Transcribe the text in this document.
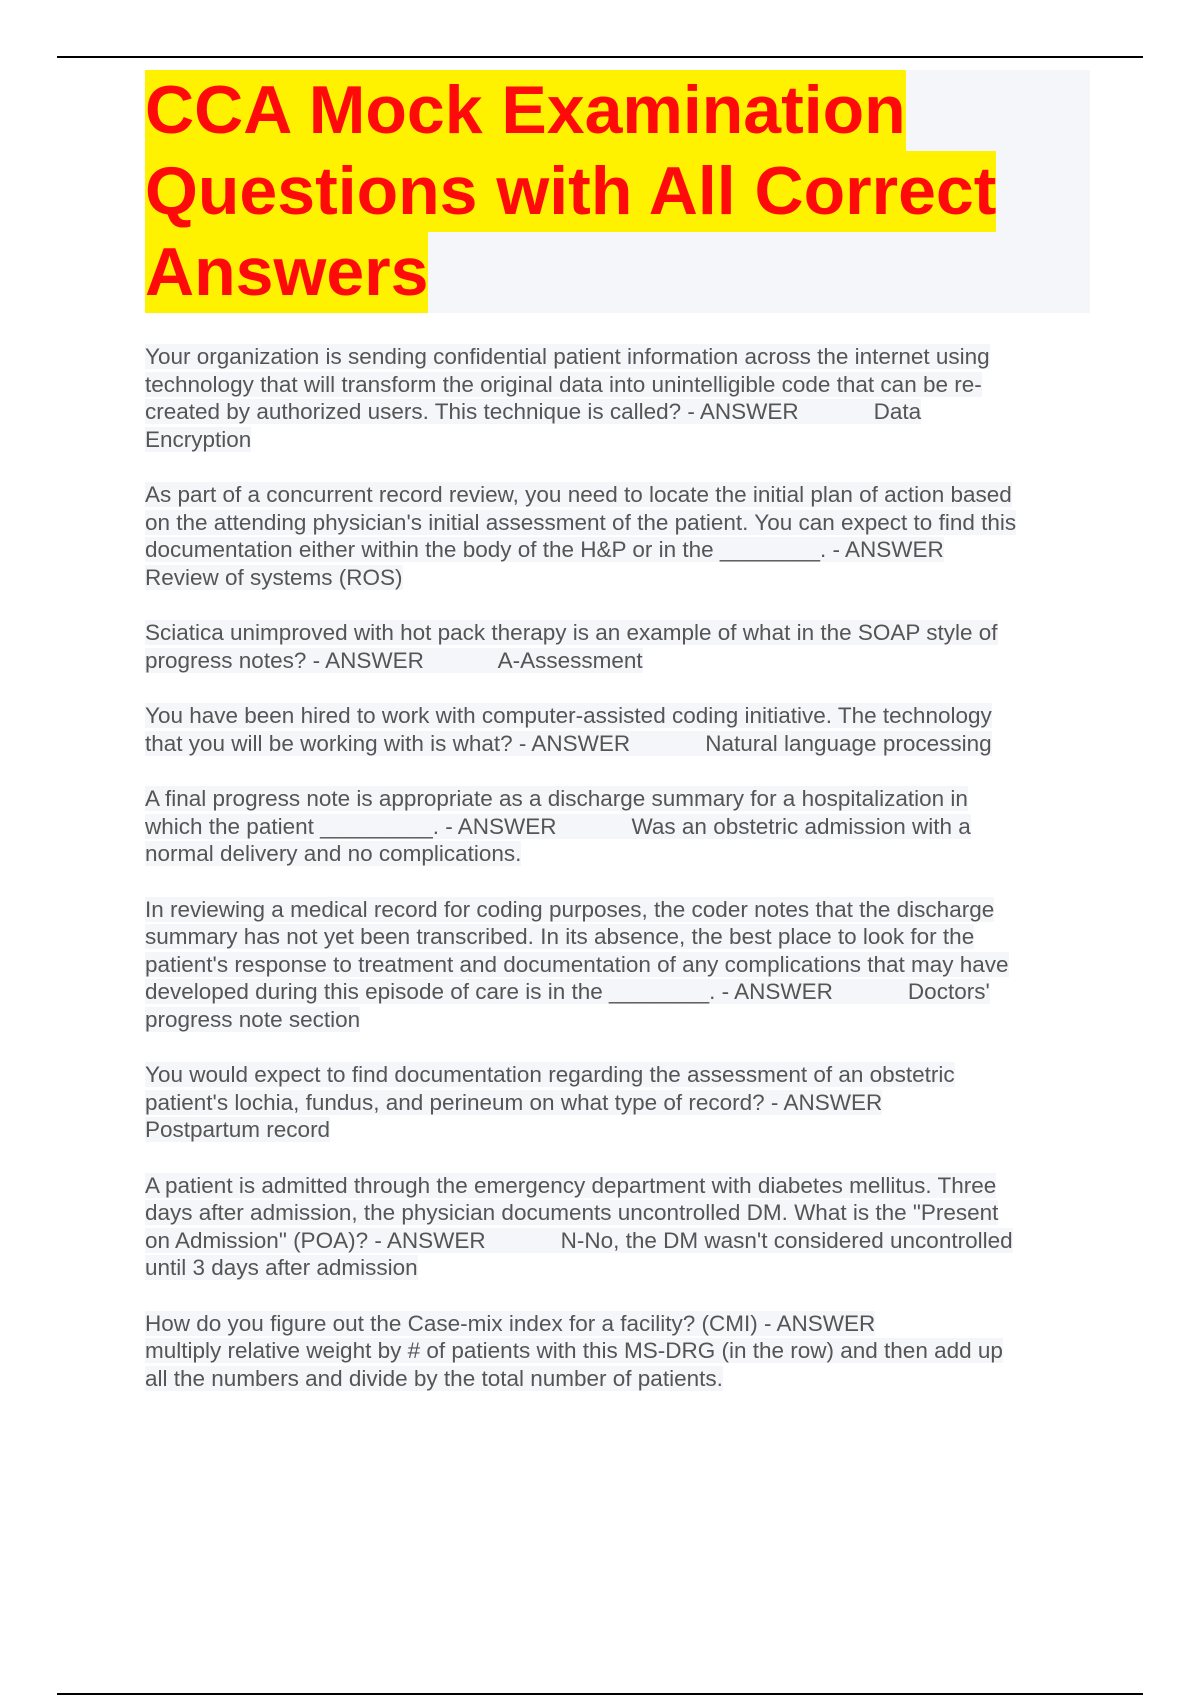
CCA Mock Examination
Questions with All Correct
Answers
Your organization is sending confidential patient information across the internet using
technology that will transform the original data into unintelligible code that can be re-
created by authorized users. This technique is called? - ANSWER            Data
Encryption
As part of a concurrent record review, you need to locate the initial plan of action based
on the attending physician's initial assessment of the patient. You can expect to find this
documentation either within the body of the H&P or in the ________. - ANSWER
Review of systems (ROS)
Sciatica unimproved with hot pack therapy is an example of what in the SOAP style of
progress notes? - ANSWER            A-Assessment
You have been hired to work with computer-assisted coding initiative. The technology
that you will be working with is what? - ANSWER            Natural language processing
A final progress note is appropriate as a discharge summary for a hospitalization in
which the patient _________. - ANSWER            Was an obstetric admission with a
normal delivery and no complications.
In reviewing a medical record for coding purposes, the coder notes that the discharge
summary has not yet been transcribed. In its absence, the best place to look for the
patient's response to treatment and documentation of any complications that may have
developed during this episode of care is in the ________. - ANSWER            Doctors'
progress note section
You would expect to find documentation regarding the assessment of an obstetric
patient's lochia, fundus, and perineum on what type of record? - ANSWER
Postpartum record
A patient is admitted through the emergency department with diabetes mellitus. Three
days after admission, the physician documents uncontrolled DM. What is the "Present
on Admission" (POA)? - ANSWER            N-No, the DM wasn't considered uncontrolled
until 3 days after admission
How do you figure out the Case-mix index for a facility? (CMI) - ANSWER
multiply relative weight by # of patients with this MS-DRG (in the row) and then add up
all the numbers and divide by the total number of patients.
